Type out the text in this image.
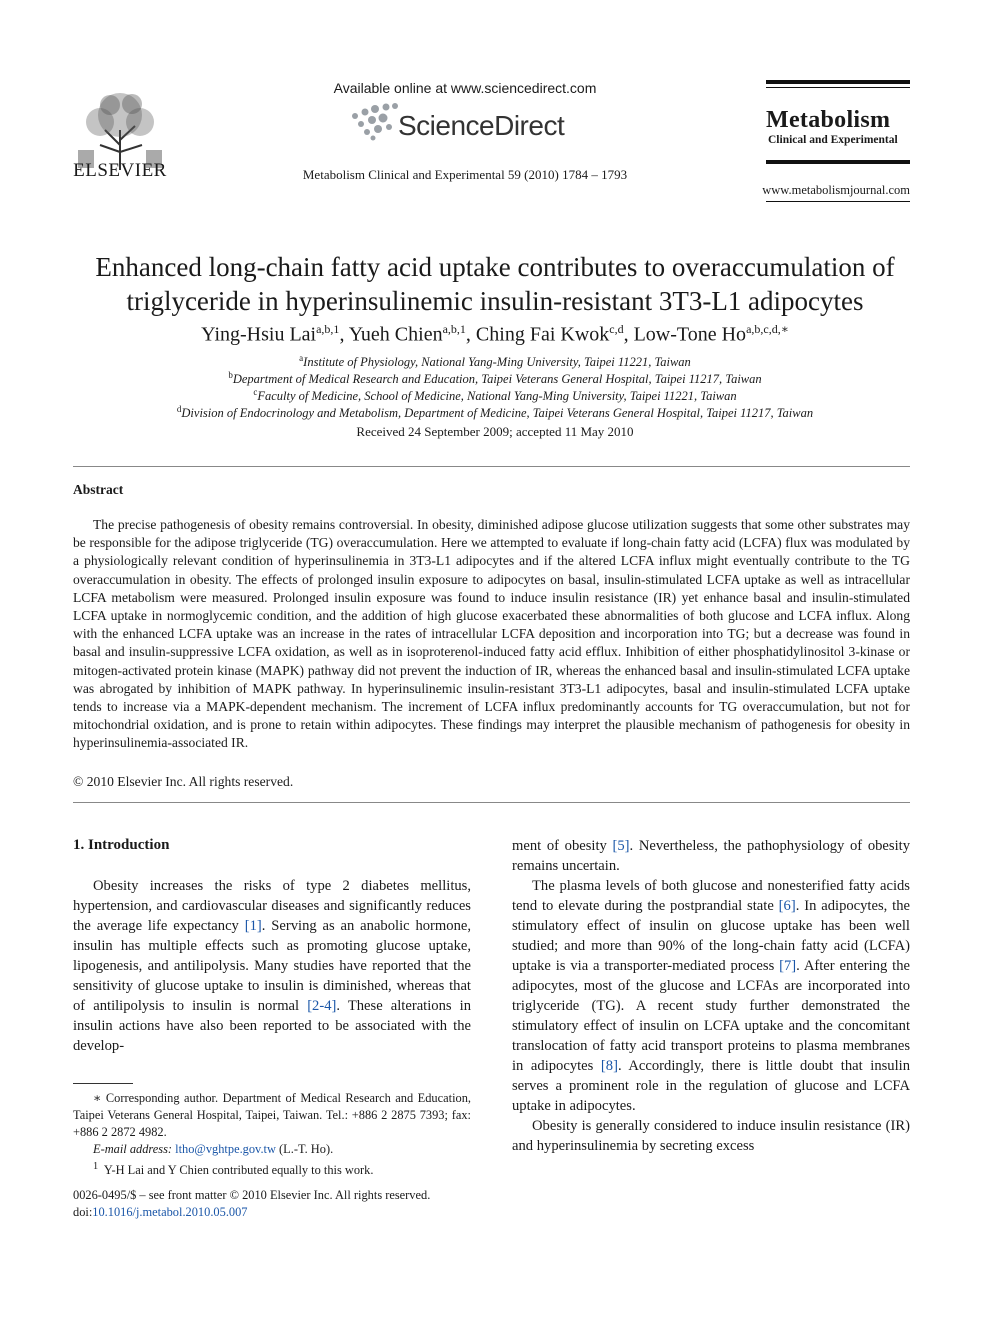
ELSEVIER
Available online at www.sciencedirect.com
ScienceDirect
Metabolism Clinical and Experimental 59 (2010) 1784 – 1793
Metabolism
Clinical and Experimental
www.metabolismjournal.com
Enhanced long-chain fatty acid uptake contributes to overaccumulation of
triglyceride in hyperinsulinemic insulin-resistant 3T3-L1 adipocytes
Ying-Hsiu Lai$^{a,b,1}$, Yueh Chien$^{a,b,1}$, Ching Fai Kwok$^{c,d}$, Low-Tone $Ho^{a,b,c,d,∗}$
$^a$Institute of Physiology, National Yang-Ming University, Taipei 11221, Taiwan
$^b$Department of Medical Research and Education, Taipei Veterans General Hospital, Taipei 11217, Taiwan
$^c$Faculty of Medicine, School of Medicine, National Yang-Ming University, Taipei 11221, Taiwan
$^d$Division of Endocrinology and Metabolism, Department of Medicine, Taipei Veterans General Hospital, Taipei 11217, Taiwan
Received 24 September 2009; accepted 11 May 2010
Abstract
The precise pathogenesis of obesity remains controversial. In obesity, diminished adipose glucose utilization suggests that some other substrates may be responsible for the adipose triglyceride (TG) overaccumulation. Here we attempted to evaluate if long-chain fatty acid (LCFA) flux was modulated by a physiologically relevant condition of hyperinsulinemia in 3T3-L1 adipocytes and if the altered LCFA influx might eventually contribute to the TG overaccumulation in obesity. The effects of prolonged insulin exposure to adipocytes on basal, insulin-stimulated LCFA uptake as well as intracellular LCFA metabolism were measured. Prolonged insulin exposure was found to induce insulin resistance (IR) yet enhance basal and insulin-stimulated LCFA uptake in normoglycemic condition, and the addition of high glucose exacerbated these abnormalities of both glucose and LCFA influx. Along with the enhanced LCFA uptake was an increase in the rates of intracellular LCFA deposition and incorporation into TG; but a decrease was found in basal and insulin-suppressive LCFA oxidation, as well as in isoproterenol-induced fatty acid efflux. Inhibition of either phosphatidylinositol 3-kinase or mitogen-activated protein kinase (MAPK) pathway did not prevent the induction of IR, whereas the enhanced basal and insulin-stimulated LCFA uptake was abrogated by inhibition of MAPK pathway. In hyperinsulinemic insulin-resistant 3T3-L1 adipocytes, basal and insulin-stimulated LCFA uptake tends to increase via a MAPK-dependent mechanism. The increment of LCFA influx predominantly accounts for TG overaccumulation, but not for mitochondrial oxidation, and is prone to retain within adipocytes. These findings may interpret the plausible mechanism of pathogenesis for obesity in hyperinsulinemia-associated IR.
© 2010 Elsevier Inc. All rights reserved.
1. Introduction

Obesity increases the risks of type 2 diabetes mellitus, hypertension, and cardiovascular diseases and significantly reduces the average life expectancy [1]. Serving as an anabolic hormone, insulin has multiple effects such as promoting glucose uptake, lipogenesis, and antilipolysis. Many studies have reported that the sensitivity of glucose uptake to insulin is diminished, whereas that of antilipolysis to insulin is normal [2-4]. These alterations in insulin actions have also been reported to be associated with the develop-

ment of obesity [5]. Nevertheless, the pathophysiology of obesity remains uncertain.

The plasma levels of both glucose and nonesterified fatty acids tend to elevate during the postprandial state [6]. In adipocytes, the stimulatory effect of insulin on glucose uptake has been well studied; and more than 90% of the long-chain fatty acid (LCFA) uptake is via a transporter-mediated process [7]. After entering the adipocytes, most of the glucose and LCFAs are incorporated into triglyceride (TG). A recent study further demonstrated the stimulatory effect of insulin on LCFA uptake and the concomitant translocation of fatty acid transport proteins to plasma membranes in adipocytes [8]. Accordingly, there is little doubt that insulin serves a prominent role in the regulation of glucose and LCFA uptake in adipocytes.

Obesity is generally considered to induce insulin resistance (IR) and hyperinsulinemia by secreting excess

∗ Corresponding author. Department of Medical Research and Education, Taipei Veterans General Hospital, Taipei, Taiwan. Tel.: +886 2 2875 7393; fax: +886 2 2872 4982.

E-mail address: ltho@vghtpe.gov.tw (L.-T. Ho).

$^1$ Y-H Lai and Y Chien contributed equally to this work.

0026-0495/$ – see front matter © 2010 Elsevier Inc. All rights reserved.
doi:10.1016/j.metabol.2010.05.007
